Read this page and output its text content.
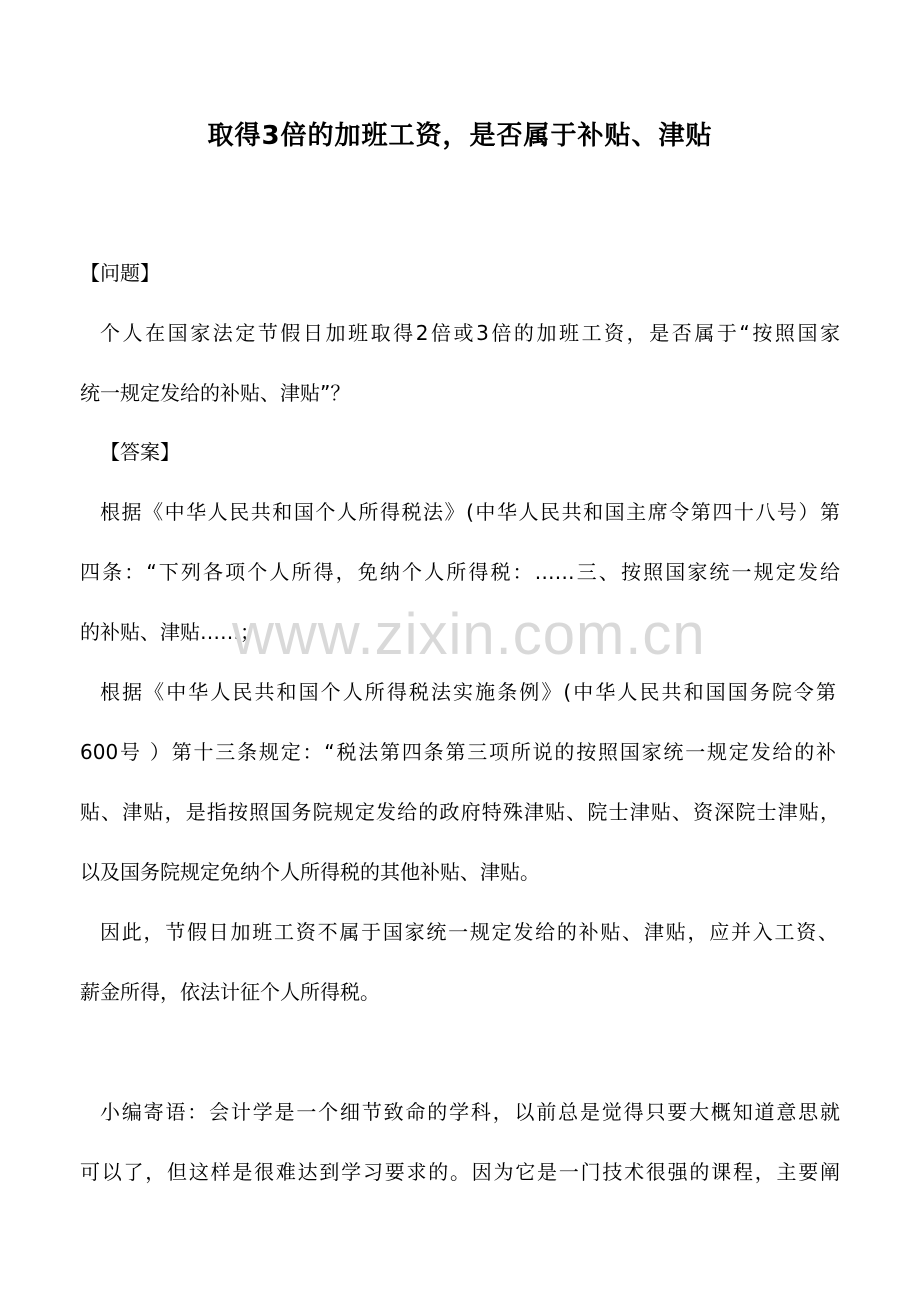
取得3倍的加班工资，是否属于补贴、津贴

【问题】

个人在国家法定节假日加班取得2倍或3倍的加班工资，是否属于“按照国家

统一规定发给的补贴、津贴”？

【答案】

根据《中华人民共和国个人所得税法》(中华人民共和国主席令第四十八号）第

四条：“下列各项个人所得，免纳个人所得税：……三、按照国家统一规定发给

的补贴、津贴……；

根据《中华人民共和国个人所得税法实施条例》(中华人民共和国国务院令第

600号 ）第十三条规定：“税法第四条第三项所说的按照国家统一规定发给的补

贴、津贴，是指按照国务院规定发给的政府特殊津贴、院士津贴、资深院士津贴，

以及国务院规定免纳个人所得税的其他补贴、津贴。

因此，节假日加班工资不属于国家统一规定发给的补贴、津贴，应并入工资、

薪金所得，依法计征个人所得税。

小编寄语：会计学是一个细节致命的学科，以前总是觉得只要大概知道意思就

可以了，但这样是很难达到学习要求的。因为它是一门技术很强的课程，主要阐

www.zixin.com.cn
